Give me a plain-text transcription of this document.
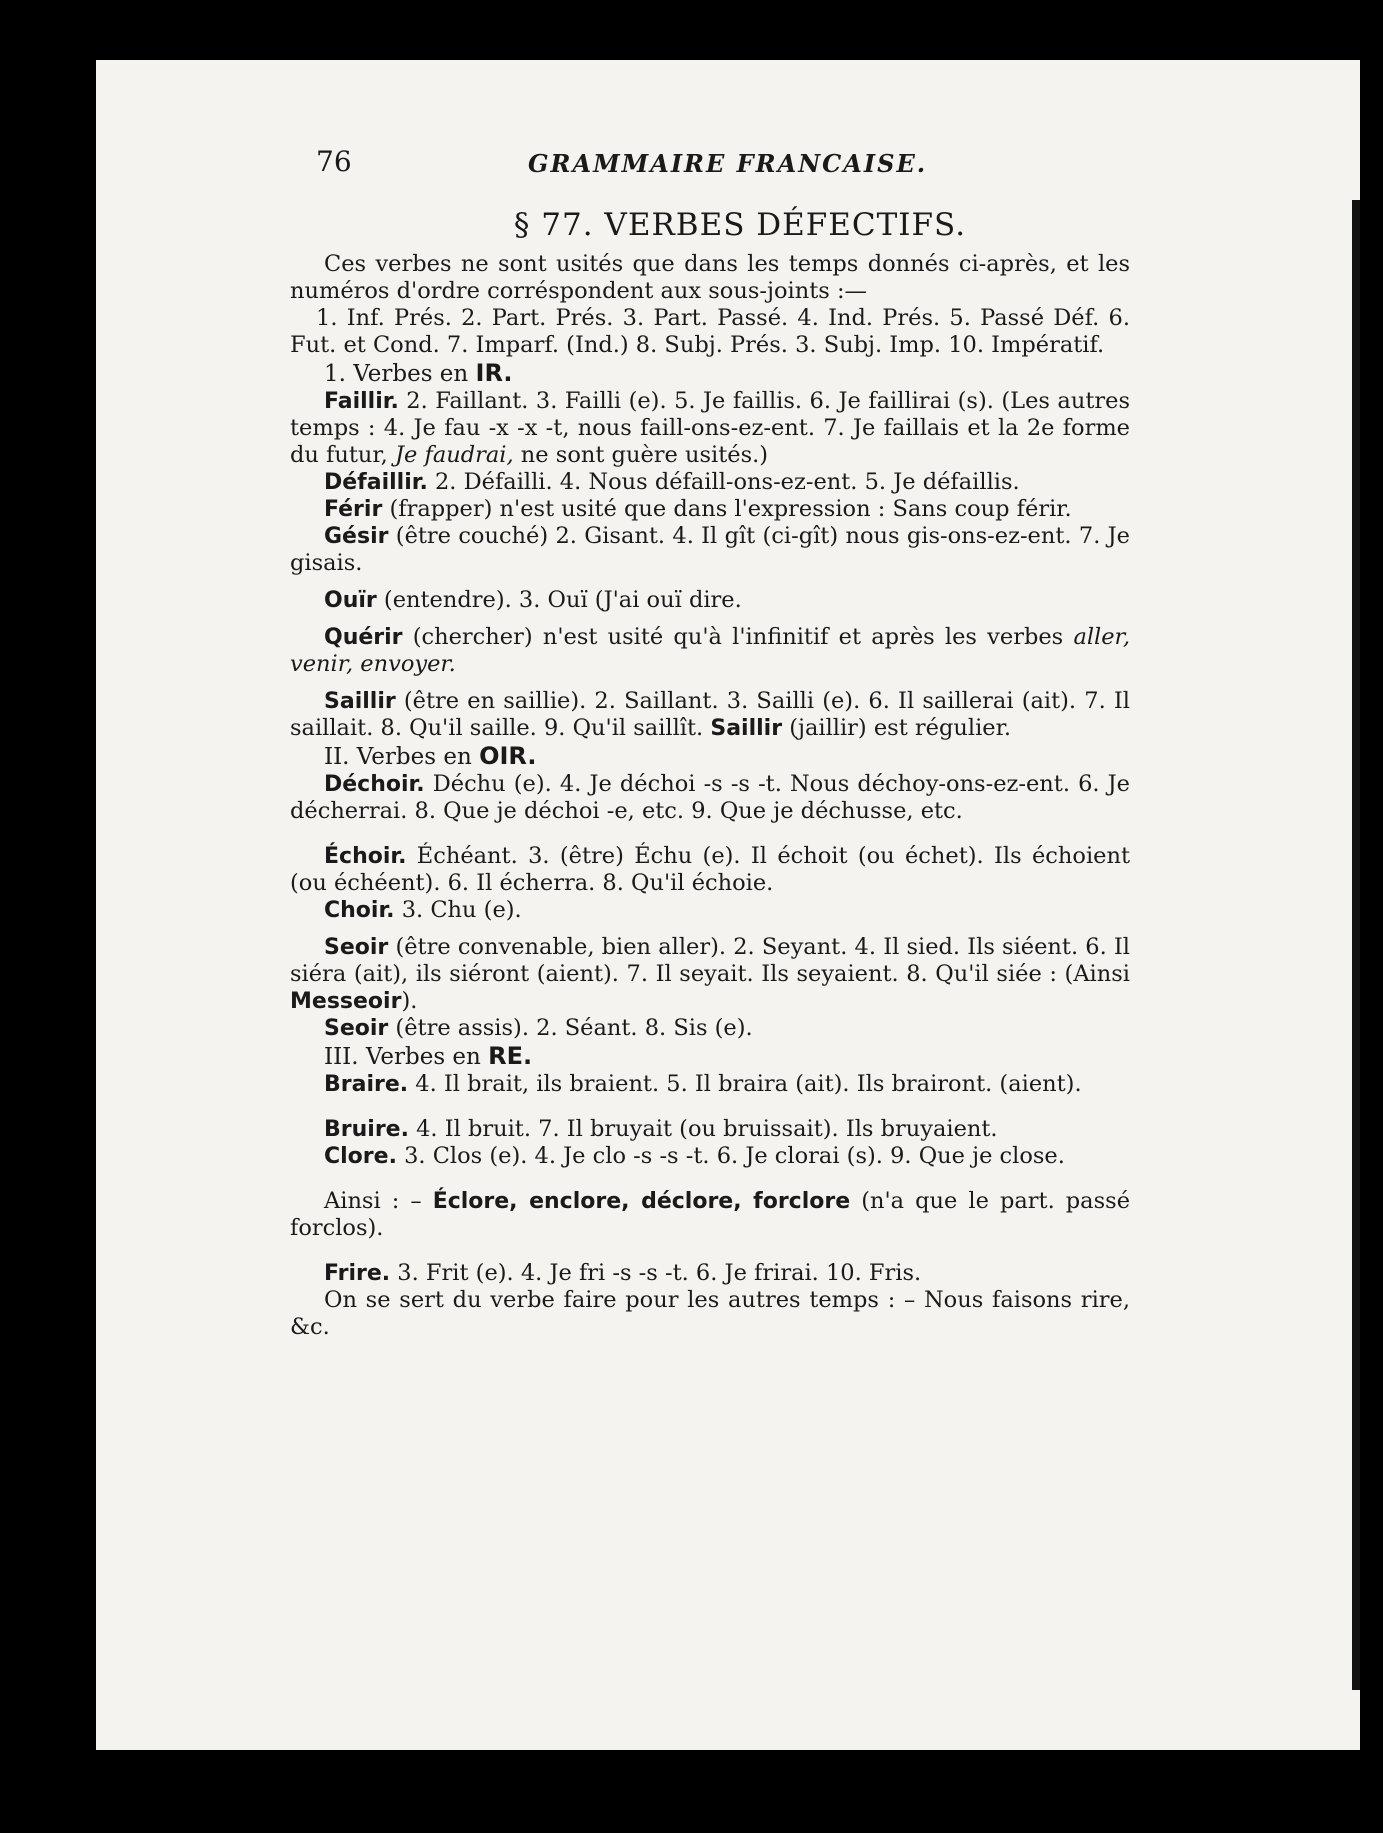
76	GRAMMAIRE FRANCAISE.
§ 77. VERBES DÉFECTIFS.

Ces verbes ne sont usités que dans les temps donnés ci-après, et les numéros d'ordre corréspondent aux sous-joints :—

1. Inf. Prés. 2. Part. Prés. 3. Part. Passé. 4. Ind. Prés. 5. Passé Déf. 6. Fut. et Cond. 7. Imparf. (Ind.) 8. Subj. Prés. 3. Subj. Imp. 10. Impératif.

1. Verbes en IR.

Faillir. 2. Faillant. 3. Failli (e). 5. Je faillis. 6. Je faillirai (s). (Les autres temps : 4. Je fau -x -x -t, nous faill-ons-ez-ent. 7. Je faillais et la 2e forme du futur, Je faudrai, ne sont guère usités.)

Défaillir. 2. Défailli. 4. Nous défaill-ons-ez-ent. 5. Je défaillis.

Férir (frapper) n'est usité que dans l'expression : Sans coup férir.

Gésir (être couché) 2. Gisant. 4. Il gît (ci-gît) nous gis-ons-ez-ent. 7. Je gisais.

Ouïr (entendre). 3. Ouï (J'ai ouï dire.

Quérir (chercher) n'est usité qu'à l'infinitif et après les verbes aller, venir, envoyer.

Saillir (être en saillie). 2. Saillant. 3. Sailli (e). 6. Il saillerai (ait). 7. Il saillait. 8. Qu'il saille. 9. Qu'il saillît. Saillir (jaillir) est régulier.

II. Verbes en OIR.

Déchoir. Déchu (e). 4. Je déchoi -s -s -t. Nous déchoy-ons-ez-ent. 6. Je décherrai. 8. Que je déchoi -e, etc. 9. Que je déchusse, etc.

Échoir. Échéant. 3. (être) Échu (e). Il échoit (ou échet). Ils échoient (ou échéent). 6. Il écherra. 8. Qu'il échoie.

Choir. 3. Chu (e).

Seoir (être convenable, bien aller). 2. Seyant. 4. Il sied. Ils siéent. 6. Il siéra (ait), ils siéront (aient). 7. Il seyait. Ils seyaient. 8. Qu'il siée : (Ainsi Messeoir).

Seoir (être assis). 2. Séant. 8. Sis (e).

III. Verbes en RE.

Braire. 4. Il brait, ils braient. 5. Il braira (ait). Ils brairont. (aient).

Bruire. 4. Il bruit. 7. Il bruyait (ou bruissait). Ils bruyaient.

Clore. 3. Clos (e). 4. Je clo -s -s -t. 6. Je clorai (s). 9. Que je close.

Ainsi : – Éclore, enclore, déclore, forclore (n'a que le part. passé forclos).

Frire. 3. Frit (e). 4. Je fri -s -s -t. 6. Je frirai. 10. Fris.

On se sert du verbe faire pour les autres temps : – Nous faisons rire, &c.
